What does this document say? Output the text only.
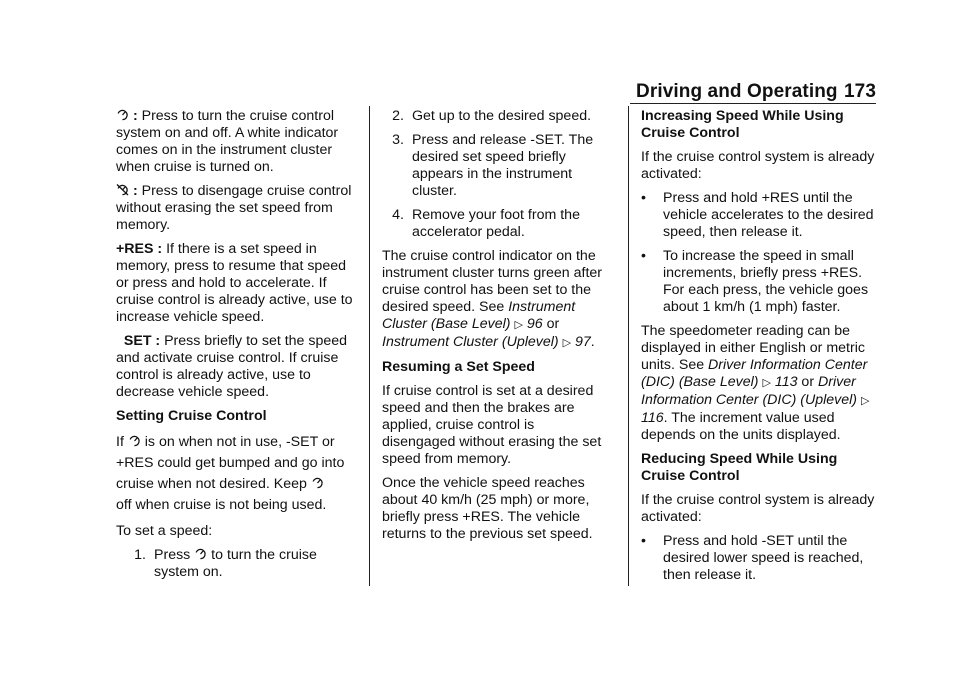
Driving and Operating 173

: Press to turn the cruise control system on and off. A white indicator comes on in the instrument cluster when cruise is turned on.

: Press to disengage cruise control without erasing the set speed from memory.

+RES : If there is a set speed in memory, press to resume that speed or press and hold to accelerate. If cruise control is already active, use to increase vehicle speed.

SET : Press briefly to set the speed and activate cruise control. If cruise control is already active, use to decrease vehicle speed.

Setting Cruise Control

If
is on when not in use, -SET or +RES could get bumped and go into cruise when not desired. Keep

off when cruise is not being used.

To set a speed:

1. Press
to turn the cruise system on.
2. Get up to the desired speed.
3. Press and release -SET. The desired set speed briefly appears in the instrument cluster.
4. Remove your foot from the accelerator pedal.

The cruise control indicator on the instrument cluster turns green after cruise control has been set to the desired speed. See Instrument Cluster (Base Level) ▷ 96 or Instrument Cluster (Uplevel) ▷ 97.

Resuming a Set Speed

If cruise control is set at a desired speed and then the brakes are applied, cruise control is disengaged without erasing the set speed from memory.

Once the vehicle speed reaches about 40 km/h (25 mph) or more, briefly press +RES. The vehicle returns to the previous set speed.

Increasing Speed While Using Cruise Control

If the cruise control system is already activated:

•	Press and hold +RES until the vehicle accelerates to the desired speed, then release it.
•	To increase the speed in small increments, briefly press +RES. For each press, the vehicle goes about 1 km/h (1 mph) faster.

The speedometer reading can be displayed in either English or metric units. See Driver Information Center (DIC) (Base Level) ▷ 113 or Driver Information Center (DIC) (Uplevel) ▷ 116. The increment value used depends on the units displayed.

Reducing Speed While Using Cruise Control

If the cruise control system is already activated:

•	Press and hold -SET until the desired lower speed is reached, then release it.
